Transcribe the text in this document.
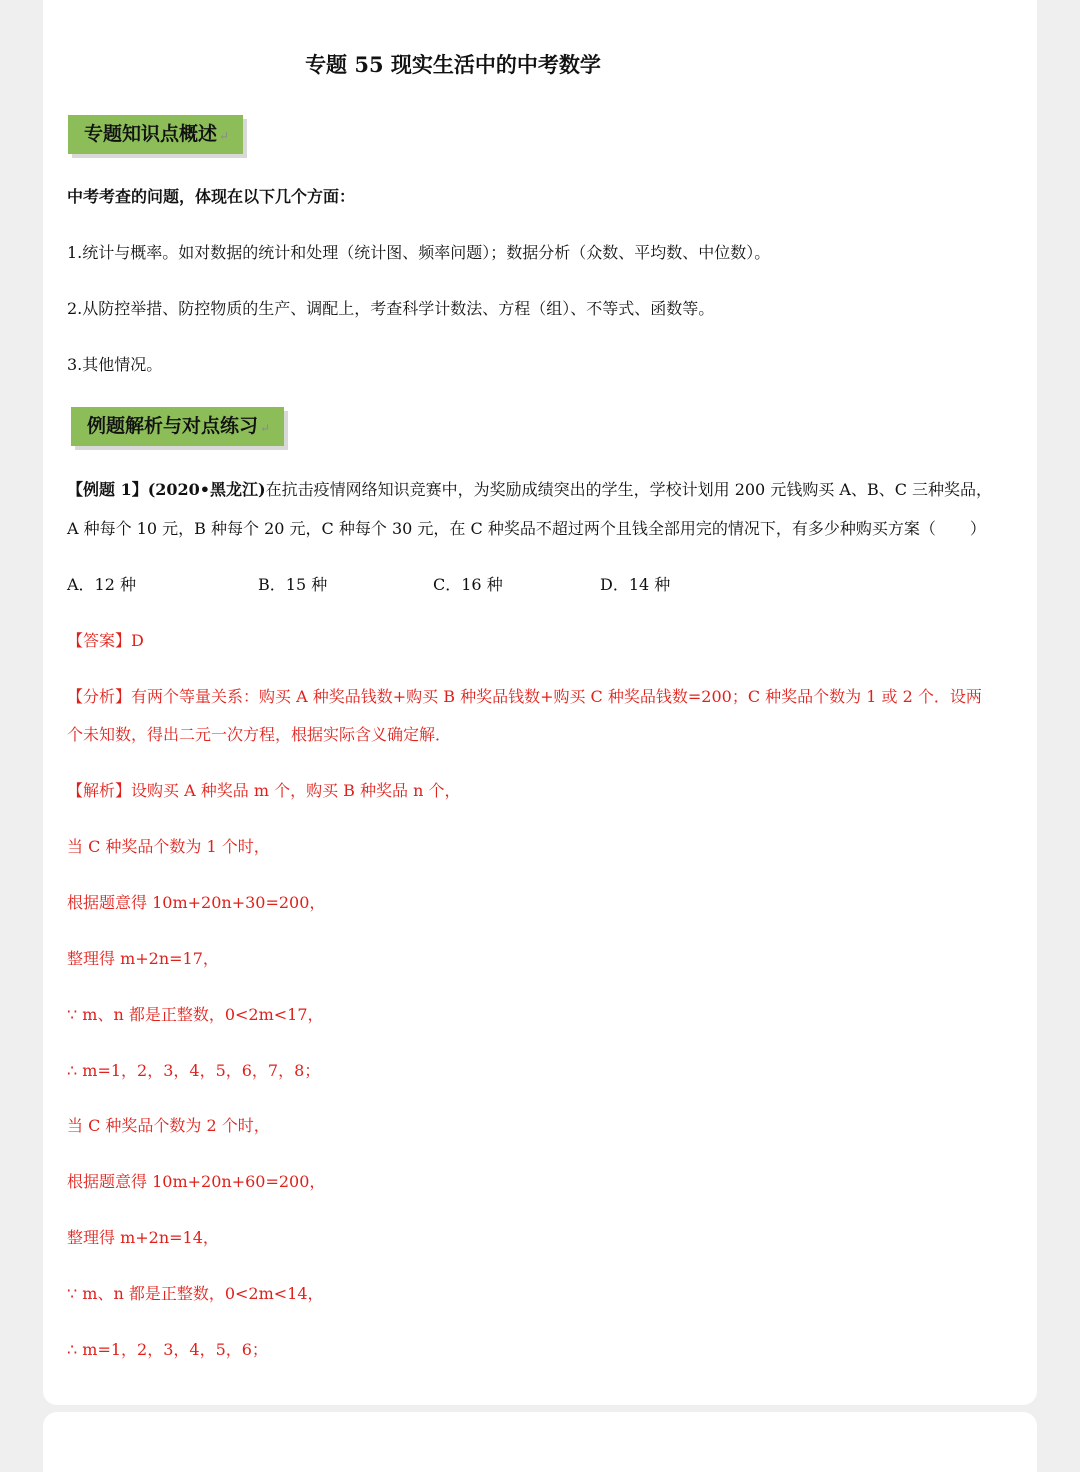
专题 55 现实生活中的中考数学
专题知识点概述 ↵
中考考查的问题，体现在以下几个方面：
1.统计与概率。如对数据的统计和处理（统计图、频率问题）；数据分析（众数、平均数、中位数）。
2.从防控举措、防控物质的生产、调配上，考查科学计数法、方程（组）、不等式、函数等。
3.其他情况。
例题解析与对点练习 ↵
【例题 1】(2020•黑龙江)在抗击疫情网络知识竞赛中，为奖励成绩突出的学生，学校计划用 200 元钱购买 A、B、C 三种奖品，
A 种每个 10 元，B 种每个 20 元，C 种每个 30 元，在 C 种奖品不超过两个且钱全部用完的情况下，有多少种购买方案（ ）
A．12 种	B．15 种	C．16 种	D．14 种
【答案】D
【分析】有两个等量关系：购买 A 种奖品钱数+购买 B 种奖品钱数+购买 C 种奖品钱数=200；C 种奖品个数为 1 或 2 个．设两
个未知数，得出二元一次方程，根据实际含义确定解．
【解析】设购买 A 种奖品 m 个，购买 B 种奖品 n 个，
当 C 种奖品个数为 1 个时，
根据题意得 10m+20n+30=200，
整理得 m+2n=17，
∵ m、n 都是正整数，0<2m<17，
∴ m=1，2，3，4，5，6，7，8；
当 C 种奖品个数为 2 个时，
根据题意得 10m+20n+60=200，
整理得 m+2n=14，
∵ m、n 都是正整数，0<2m<14，
∴ m=1，2，3，4，5，6；
